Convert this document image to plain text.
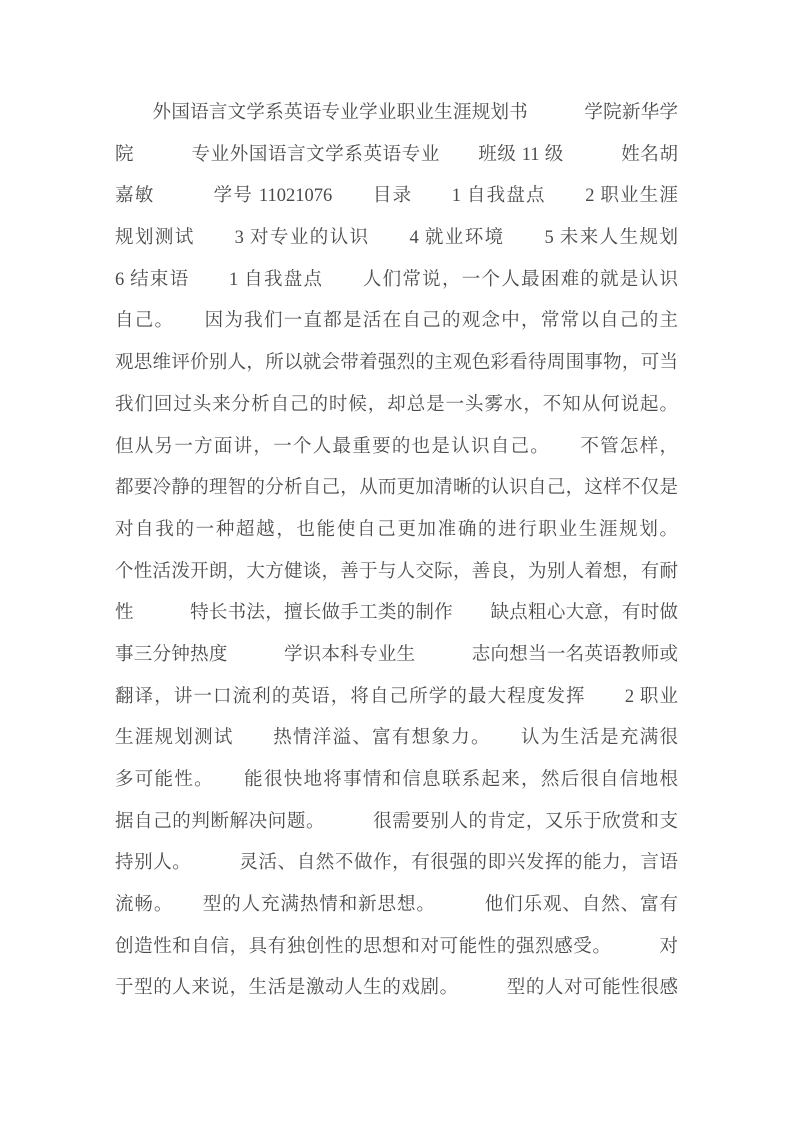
　　外国语言文学系英语专业学业职业生涯规划书　　　学院新华学
院　　　专业外国语言文学系英语专业　　班级 11 级　　　姓名胡
嘉敏　　　学号 11021076　　目录　　1 自我盘点　　2 职业生涯
规划测试　　3 对专业的认识　　4 就业环境　　5 未来人生规划
6 结束语　　1 自我盘点　　人们常说，一个人最困难的就是认识
自己。　　因为我们一直都是活在自己的观念中，常常以自己的主
观思维评价别人，所以就会带着强烈的主观色彩看待周围事物，可当
我们回过头来分析自己的时候，却总是一头雾水，不知从何说起。
但从另一方面讲，一个人最重要的也是认识自己。　　不管怎样，
都要冷静的理智的分析自己，从而更加清晰的认识自己，这样不仅是
对自我的一种超越，也能使自己更加准确的进行职业生涯规划。
个性活泼开朗，大方健谈，善于与人交际，善良，为别人着想，有耐
性　　　特长书法，擅长做手工类的制作　　缺点粗心大意，有时做
事三分钟热度　　　学识本科专业生　　　志向想当一名英语教师或
翻译，讲一口流利的英语，将自己所学的最大程度发挥　　2 职业
生涯规划测试　　热情洋溢、富有想象力。　　认为生活是充满很
多可能性。　　能很快地将事情和信息联系起来，然后很自信地根
据自己的判断解决问题。　　　很需要别人的肯定，又乐于欣赏和支
持别人。　　　灵活、自然不做作，有很强的即兴发挥的能力，言语
流畅。　　型的人充满热情和新思想。　　　他们乐观、自然、富有
创造性和自信，具有独创性的思想和对可能性的强烈感受。　　　对
于型的人来说，生活是激动人生的戏剧。　　　型的人对可能性很感
